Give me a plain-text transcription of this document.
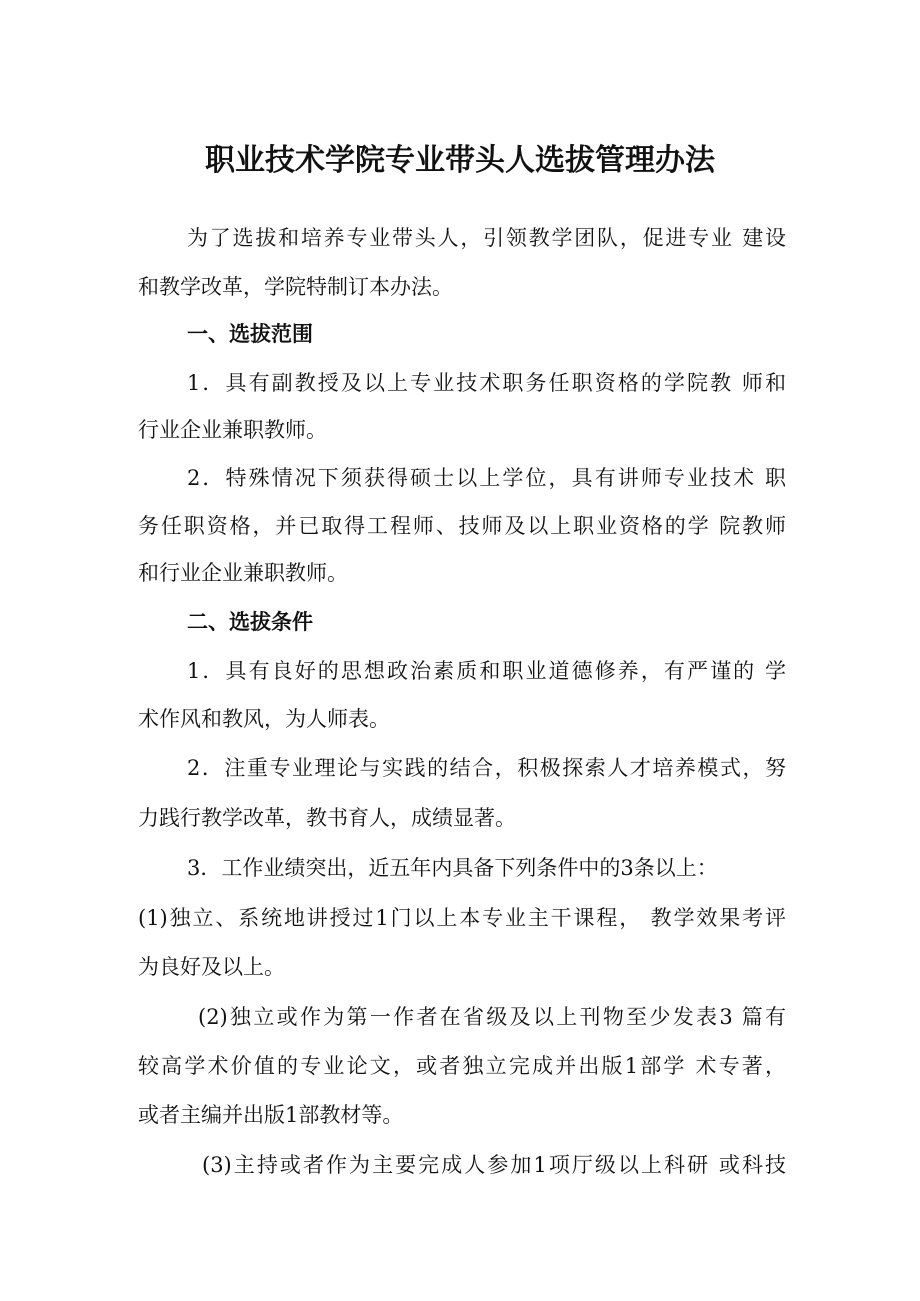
职业技术学院专业带头人选拔管理办法

为了选拔和培养专业带头人，引领教学团队，促进专业 建设

和教学改革，学院特制订本办法。

一、选拔范围

1．具有副教授及以上专业技术职务任职资格的学院教 师和

行业企业兼职教师。

2．特殊情况下须获得硕士以上学位，具有讲师专业技术 职

务任职资格，并已取得工程师、技师及以上职业资格的学 院教师

和行业企业兼职教师。

二、选拔条件

1．具有良好的思想政治素质和职业道德修养，有严谨的 学

术作风和教风，为人师表。

2．注重专业理论与实践的结合，积极探索人才培养模式，努

力践行教学改革，教书育人，成绩显著。

3．工作业绩突出，近五年内具备下列条件中的3条以上：

(1)独立、系统地讲授过1门以上本专业主干课程， 教学效果考评

为良好及以上。

(2)独立或作为第一作者在省级及以上刊物至少发表3 篇有

较高学术价值的专业论文，或者独立完成并出版1部学 术专著，

或者主编并出版1部教材等。

(3)主持或者作为主要完成人参加1项厅级以上科研 或科技
